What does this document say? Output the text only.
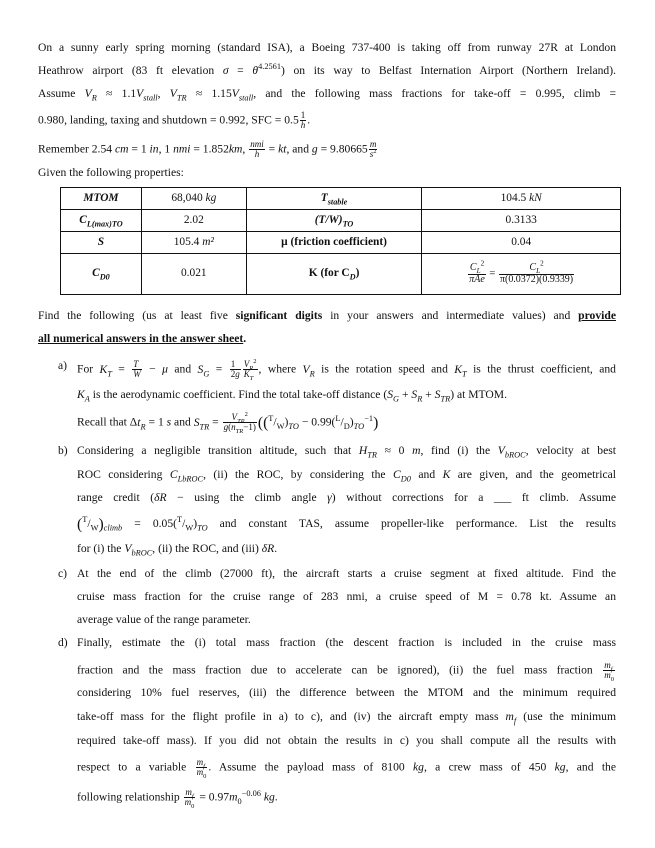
On a sunny early spring morning (standard ISA), a Boeing 737-400 is taking off from runway 27R at London
Heathrow airport (83 ft elevation $\sigma = \theta^{4.2561}$) on its way to Belfast Internation Airport (Northern Ireland).
Assume $V_R \approx 1.1V_{stall}$, $V_{TR} \approx 1.15V_{stall}$, and the following mass fractions for take-off = 0.995, climb =
0.980, landing, taxing and shutdown = 0.992, SFC = $0.5 \frac{1}{h}$ .
Remember 2.54 cm = 1 in, 1 nmi = 1.852km, $\frac{\text{nmi}}{h}$ = kt, and $g = 9.80665 \frac{m}{s^2}$
Given the following properties:
MTOM	68,040 kg	$T_{stable}$	104.5 kN
$C_{L(max)TO}$	2.02	$(T/W)_{TO}$	0.3133
S	105.4 m²	μ (friction coefficient)	0.04
$C_{D0}$	0.021	K (for $C_D$)	$\frac{C_L^2}{\text{πAe}} = \frac{C_L^2}{\pi(0.0372)(0.9339)}$
Find the following (us at least five significant digits in your answers and intermediate values) and provide
all numerical answers in the answer sheet.
a) For $K_T = \frac{T}{W} - \mu$ and $S_G = \frac{1}{2g} \frac{V_R^2}{K_T}$ , where $V_R$ is the rotation speed and $K_T$ is the thrust coefficient, and
$K_A$ is the aerodynamic coefficient. Find the total take-off distance $(S_G + S_R + S_{TR})$ at MTOM.
Recall that $\Delta t_R = 1$ s and $S_{TR} = \frac{V_{TR}^2}{g(n_{TR}-1)} ((^T/_W)_{TO} - 0.99(^L/_D)_{TO}^{-1})$
b) Considering a negligible transition altitude, such that $H_{TR} \approx 0$ m, find (i) the $V_{bROC}$, velocity at best
ROC considering $C_{LbROC}$, (ii) the ROC, by considering the $C_{D0}$ and K are given, and the geometrical
range credit (δR − using the climb angle γ) without corrections for a ___ ft climb. Assume
$(^T/_W)_{climb} = 0.05(^T/_W)_{TO}$ and constant TAS, assume propeller-like performance. List the results
for (i) the $V_{bROC}$, (ii) the ROC, and (iii) δR.
c) At the end of the climb (27000 ft), the aircraft starts a cruise segment at fixed altitude. Find the
cruise mass fraction for the cruise range of 283 nmi, a cruise speed of M = 0.78 kt. Assume an
average value of the range parameter.
d) Finally, estimate the (i) total mass fraction (the descent fraction is included in the cruise mass
fraction and the mass fraction due to accelerate can be ignored), (ii) the fuel mass fraction $\frac{m_f}{m_0}$
considering 10% fuel reserves, (iii) the difference between the MTOM and the minimum required
take-off mass for the flight profile in a) to c), and (iv) the aircraft empty mass $m_f$ (use the minimum
required take-off mass). If you did not obtain the results in c) you shall compute all the results with
respect to a variable $\frac{m_f}{m_0}$ . Assume the payload mass of 8100 kg, a crew mass of 450 kg, and the
following relationship $\frac{m_f}{m_0} = 0.97m_0^{-0.06}$ kg.
